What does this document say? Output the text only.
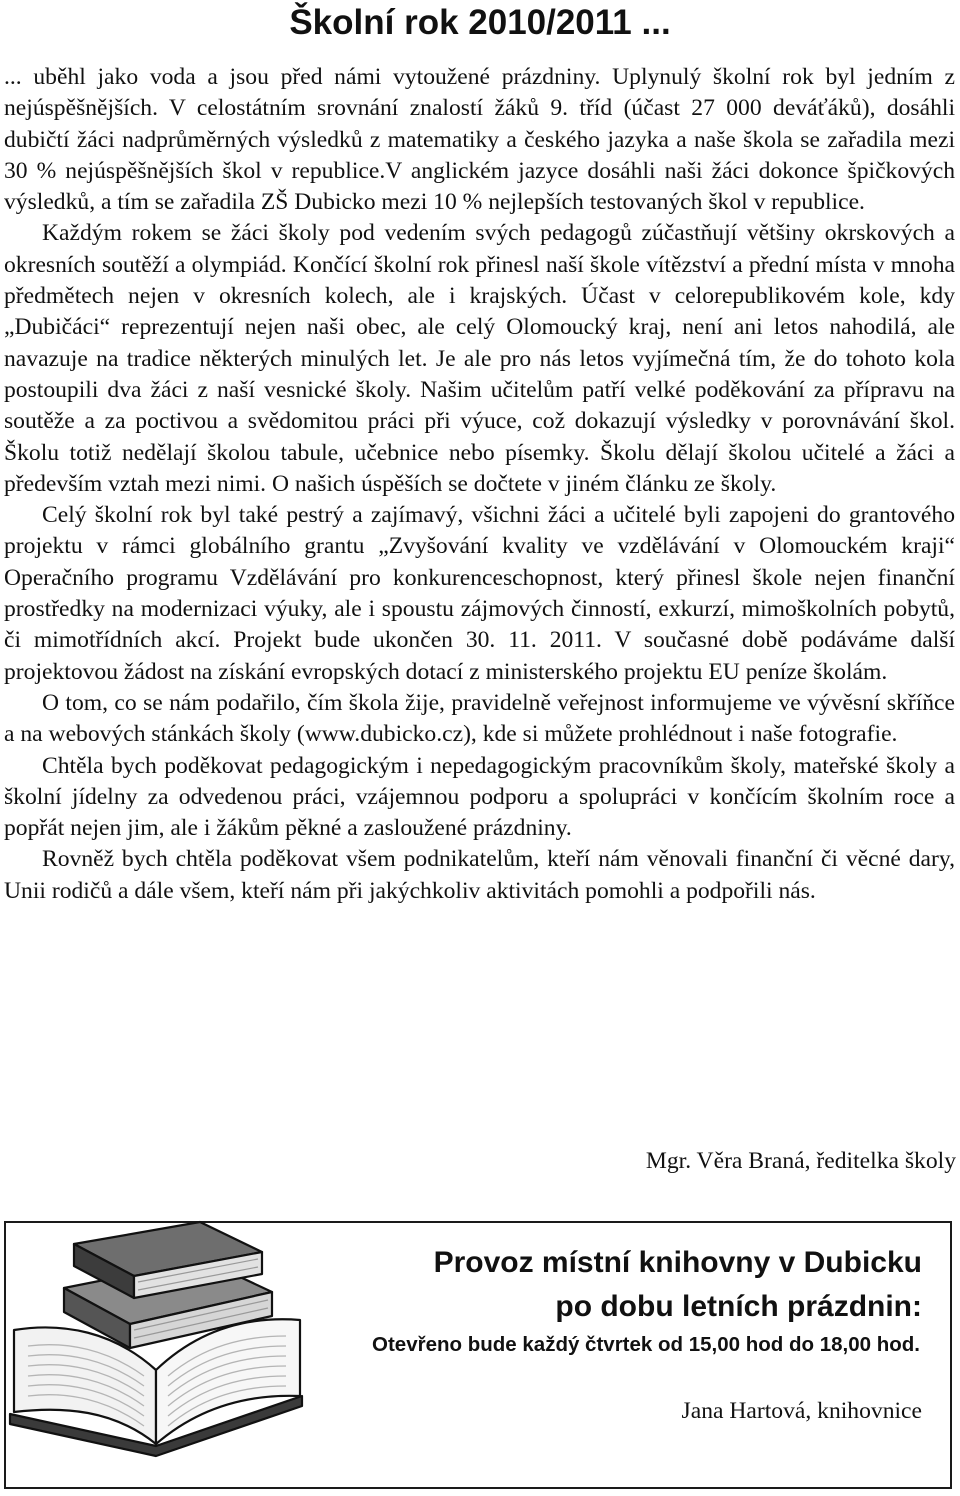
Školní rok 2010/2011 ...

... uběhl jako voda a jsou před námi vytoužené prázdniny. Uplynulý školní rok byl jedním z nejúspěšnějších. V celostátním srovnání znalostí žáků 9. tříd (účast 27 000 deváťáků), dosáhli dubičtí žáci nadprůměrných výsledků z matematiky a českého jazyka a naše škola se zařadila mezi 30 % nejúspěšnějších škol v republice.V anglickém jazyce dosáhli naši žáci dokonce špičkových výsledků, a tím se zařadila ZŠ Dubicko mezi 10 % nejlepších testovaných škol v republice.

Každým rokem se žáci školy pod vedením svých pedagogů zúčastňují většiny okrskových a okresních soutěží a olympiád. Končící školní rok přinesl naší škole vítězství a přední místa v mnoha předmětech nejen v okresních kolech, ale i krajských. Účast v celorepublikovém kole, kdy „Dubičáci“ reprezentují nejen naši obec, ale celý Olomoucký kraj, není ani letos nahodilá, ale navazuje na tradice některých minulých let. Je ale pro nás letos vyjímečná tím, že do tohoto kola postoupili dva žáci z naší vesnické školy. Našim učitelům patří velké poděkování za přípravu na soutěže a za poctivou a svědomitou práci při výuce, což dokazují výsledky v porovnávání škol. Školu totiž nedělají školou tabule, učebnice nebo písemky. Školu dělají školou učitelé a žáci a především vztah mezi nimi. O našich úspěších se dočtete v jiném článku ze školy.

Celý školní rok byl také pestrý a zajímavý, všichni žáci a učitelé byli zapojeni do grantového projektu v rámci globálního grantu „Zvyšování kvality ve vzdělávání v Olomouckém kraji“ Operačního programu Vzdělávání pro konkurenceschopnost, který přinesl škole nejen finanční prostředky na modernizaci výuky, ale i spoustu zájmových činností, exkurzí, mimoškolních pobytů, či mimotřídních akcí. Projekt bude ukončen 30. 11. 2011. V současné době podáváme další projektovou žádost na získání evropských dotací z ministerského projektu EU peníze školám.

O tom, co se nám podařilo, čím škola žije, pravidelně veřejnost informujeme ve vývěsní skříňce a na webových stánkách školy (www.dubicko.cz), kde si můžete prohlédnout i naše fotografie.

Chtěla bych poděkovat pedagogickým i nepedagogickým pracovníkům školy, mateřské školy a školní jídelny za odvedenou práci, vzájemnou podporu a spolupráci v končícím školním roce a popřát nejen jim, ale i žákům pěkné a zasloužené prázdniny.

Rovněž bych chtěla poděkovat všem podnikatelům, kteří nám věnovali finanční či věcné dary, Unii rodičů a dále všem, kteří nám při jakýchkoliv aktivitách pomohli a podpořili nás.

Mgr. Věra Braná, ředitelka školy
Provoz místní knihovny v Dubicku
po dobu letních prázdnin:
Otevřeno bude každý čtvrtek od 15,00 hod do 18,00 hod.
Jana Hartová, knihovnice
